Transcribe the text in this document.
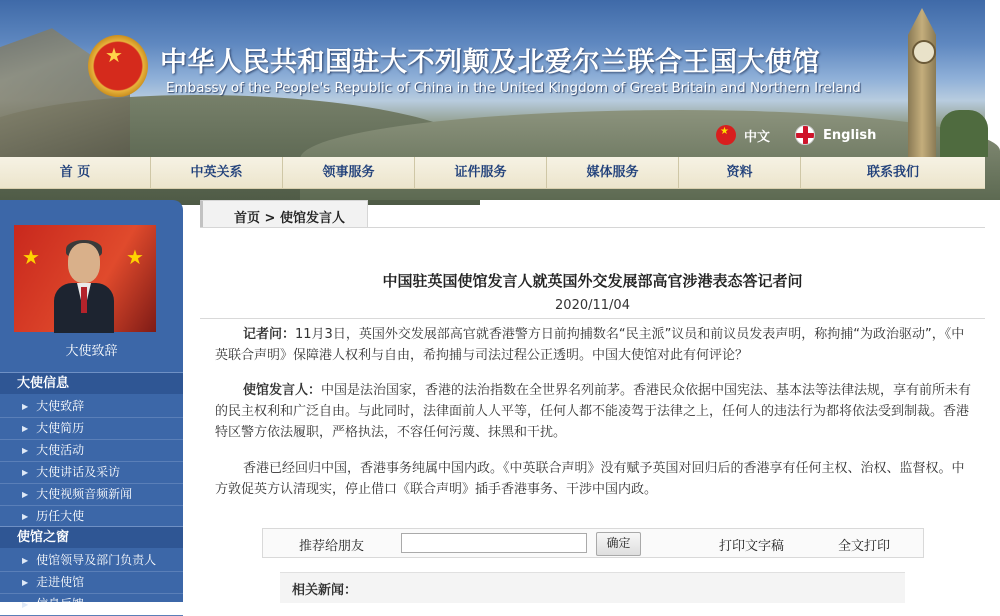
★ 中华人民共和国驻大不列颠及北爱尔兰联合王国大使馆
Embassy of the People's Republic of China in the United Kingdom of Great Britain and Northern Ireland
★
中文	English
首 页	中英关系	领事服务	证件服务	媒体服务	资料	联系我们
★	★
大使致辞
大使信息
▶ 大使致辞
▶ 大使简历
▶ 大使活动
▶ 大使讲话及采访
▶ 大使视频音频新闻
▶ 历任大使
使馆之窗
▶ 使馆领导及部门负责人
▶ 走进使馆
▶ 信息反馈
首页 > 使馆发言人
中国驻英国使馆发言人就英国外交发展部高官涉港表态答记者问
2020/11/04
记者问：11月3日，英国外交发展部高官就香港警方日前拘捕数名“民主派”议员和前议员发表声明，称拘捕“为政治驱动”，《中英联合声明》保障港人权利与自由，希拘捕与司法过程公正透明。中国大使馆对此有何评论？
使馆发言人：中国是法治国家，香港的法治指数在全世界名列前茅。香港民众依据中国宪法、基本法等法律法规，享有前所未有的民主权利和广泛自由。与此同时，法律面前人人平等，任何人都不能凌驾于法律之上，任何人的违法行为都将依法受到制裁。香港特区警方依法履职，严格执法，不容任何污蔑、抹黑和干扰。
香港已经回归中国，香港事务纯属中国内政。《中英联合声明》没有赋予英国对回归后的香港享有任何主权、治权、监督权。中方敦促英方认清现实，停止借口《联合声明》插手香港事务、干涉中国内政。
推荐给朋友	确定	打印文字稿	全文打印
相关新闻：
